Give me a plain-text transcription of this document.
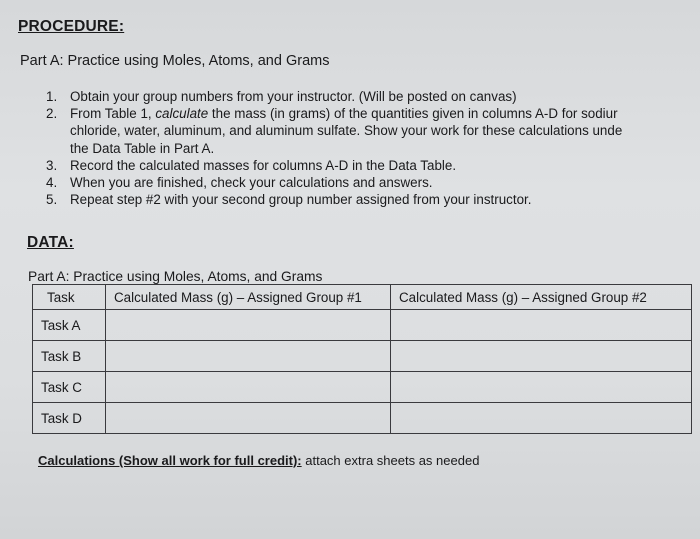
PROCEDURE:
Part A: Practice using Moles, Atoms, and Grams
1. Obtain your group numbers from your instructor. (Will be posted on canvas)
2. From Table 1, calculate the mass (in grams) of the quantities given in columns A-D for sodiur
chloride, water, aluminum, and aluminum sulfate. Show your work for these calculations unde
the Data Table in Part A.
3. Record the calculated masses for columns A-D in the Data Table.
4. When you are finished, check your calculations and answers.
5. Repeat step #2 with your second group number assigned from your instructor.
DATA:
Part A: Practice using Moles, Atoms, and Grams
Task	Calculated Mass (g) – Assigned Group #1	Calculated Mass (g) – Assigned Group #2
Task A		
Task B		
Task C		
Task D		
Calculations (Show all work for full credit): attach extra sheets as needed
